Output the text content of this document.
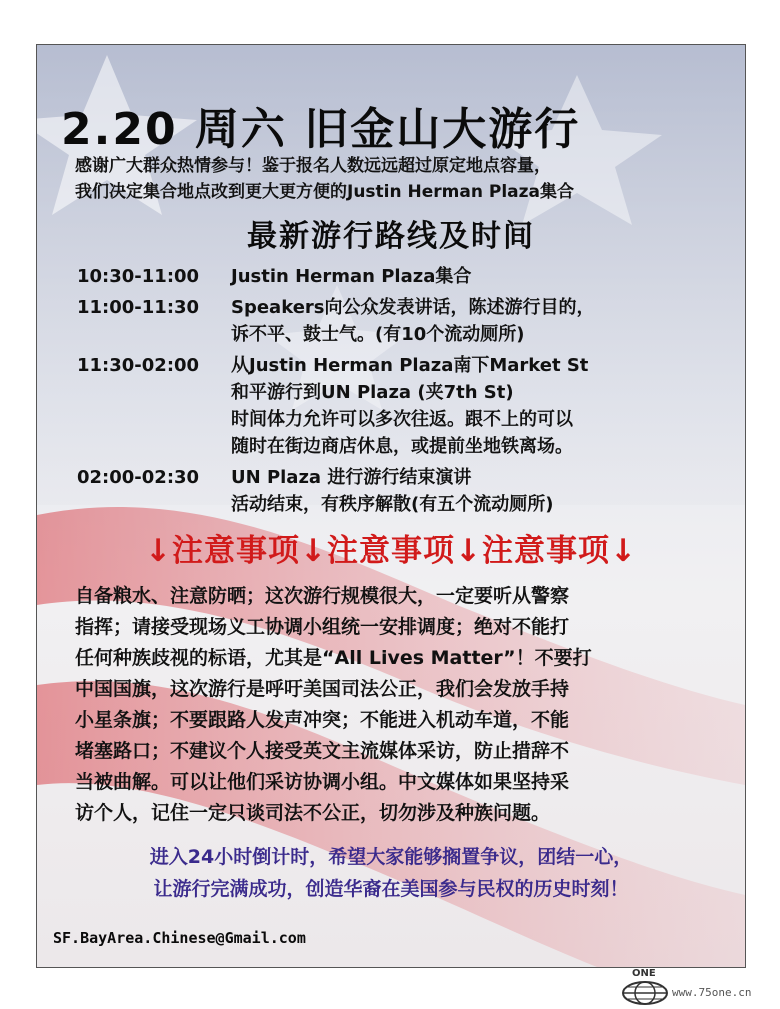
2.20 周六 旧金山大游行
感谢广大群众热情参与！鉴于报名人数远远超过原定地点容量，
我们决定集合地点改到更大更方便的Justin Herman Plaza集合
最新游行路线及时间
10:30-11:00	Justin Herman Plaza集合
11:00-11:30	Speakers向公众发表讲话，陈述游行目的，
诉不平、鼓士气。(有10个流动厕所)
11:30-02:00	从Justin Herman Plaza南下Market St
和平游行到UN Plaza (夹7th St)
时间体力允许可以多次往返。跟不上的可以
随时在街边商店休息，或提前坐地铁离场。
02:00-02:30	UN Plaza 进行游行结束演讲
活动结束，有秩序解散(有五个流动厕所)
↓注意事项↓注意事项↓注意事项↓
自备粮水、注意防晒；这次游行规模很大，一定要听从警察
指挥；请接受现场义工协调小组统一安排调度；绝对不能打
任何种族歧视的标语，尤其是“All Lives Matter”！不要打
中国国旗，这次游行是呼吁美国司法公正，我们会发放手持
小星条旗；不要跟路人发声冲突；不能进入机动车道，不能
堵塞路口；不建议个人接受英文主流媒体采访，防止措辞不
当被曲解。可以让他们采访协调小组。中文媒体如果坚持采
访个人，记住一定只谈司法不公正，切勿涉及种族问题。
进入24小时倒计时，希望大家能够搁置争议，团结一心，
让游行完满成功，创造华裔在美国参与民权的历史时刻！
SF.BayArea.Chinese@Gmail.com
ONE
www.75one.cn
